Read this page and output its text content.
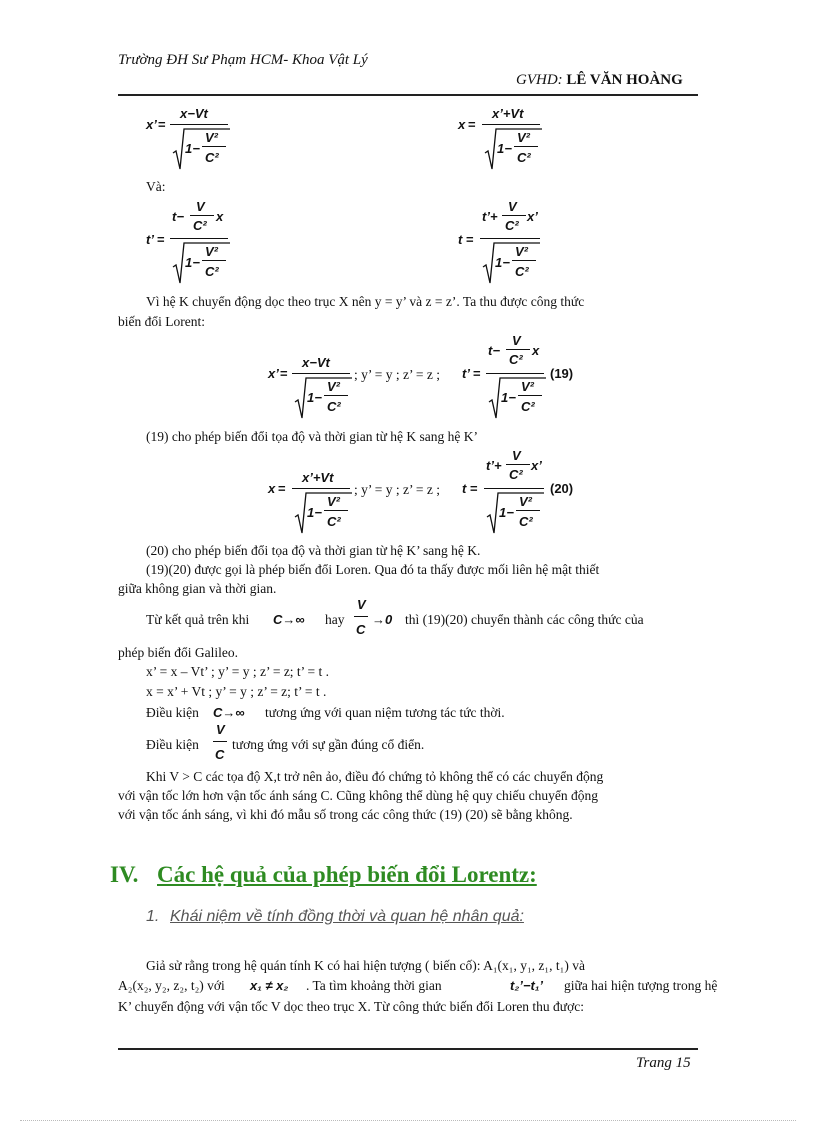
Trường ĐH Sư Phạm HCM- Khoa Vật Lý
GVHD: LÊ VĂN HOÀNG
x’ =
x−Vt
1−
V²
C²
x =
x’+Vt
1−
V²
C²
Và:
t’ =
t−
V
C²
x
1−
V²
C²
t =
t’+
V
C²
x’
1−
V²
C²
Vì hệ K chuyển động dọc theo trục X nên y = y’ và z = z’. Ta thu được công thức
biến đổi Lorent:
x’ =
x−Vt
1−
V²
C²
; y’ = y ; z’ = z ; t’ =
t−
V
C²
x
1−
V²
C²
(19)
(19) cho phép biến đổi tọa độ và thời gian từ hệ K sang hệ K’
x =
x’+Vt
1−
V²
C²
; y’ = y ; z’ = z ; t =
t’+
V
C²
x’
1−
V²
C²
(20)
(20) cho phép biến đổi tọa độ và thời gian từ hệ K’ sang hệ K.
(19)(20) được gọi là phép biến đổi Loren. Qua đó ta thấy được mối liên hệ mật thiết
giữa không gian và thời gian.
Từ kết quả trên khi C→∞ hay
V
C
→0 thì (19)(20) chuyển thành các công thức của
phép biến đổi Galileo.
x’ = x – Vt’ ; y’ = y ; z’ = z; t’ = t .
x = x’ + Vt ; y’ = y ; z’ = z; t’ = t .
Điều kiện C→∞ tương ứng với quan niệm tương tác tức thời.
Điều kiện
V
C
tương ứng với sự gần đúng cổ điển.
Khi V > C các tọa độ X,t trở nên ảo, điều đó chứng tỏ không thể có các chuyển động
với vận tốc lớn hơn vận tốc ánh sáng C. Cũng không thể dùng hệ quy chiếu chuyển động
với vận tốc ánh sáng, vì khi đó mẫu số trong các công thức (19) (20) sẽ bằng không.
IV. Các hệ quả của phép biến đổi Lorentz:
1. Khái niệm về tính đồng thời và quan hệ nhân quả:
Giả sử rằng trong hệ quán tính K có hai hiện tượng ( biến cố): A₁(x₁, y₁, z₁, t₁) và
A₂(x₂, y₂, z₂, t₂) với x₁ ≠ x₂ . Ta tìm khoảng thời gian	t₂’−t₁’ giữa hai hiện tượng trong hệ
K’ chuyển động với vận tốc V dọc theo trục X. Từ công thức biến đổi Loren thu được:
Trang 15
